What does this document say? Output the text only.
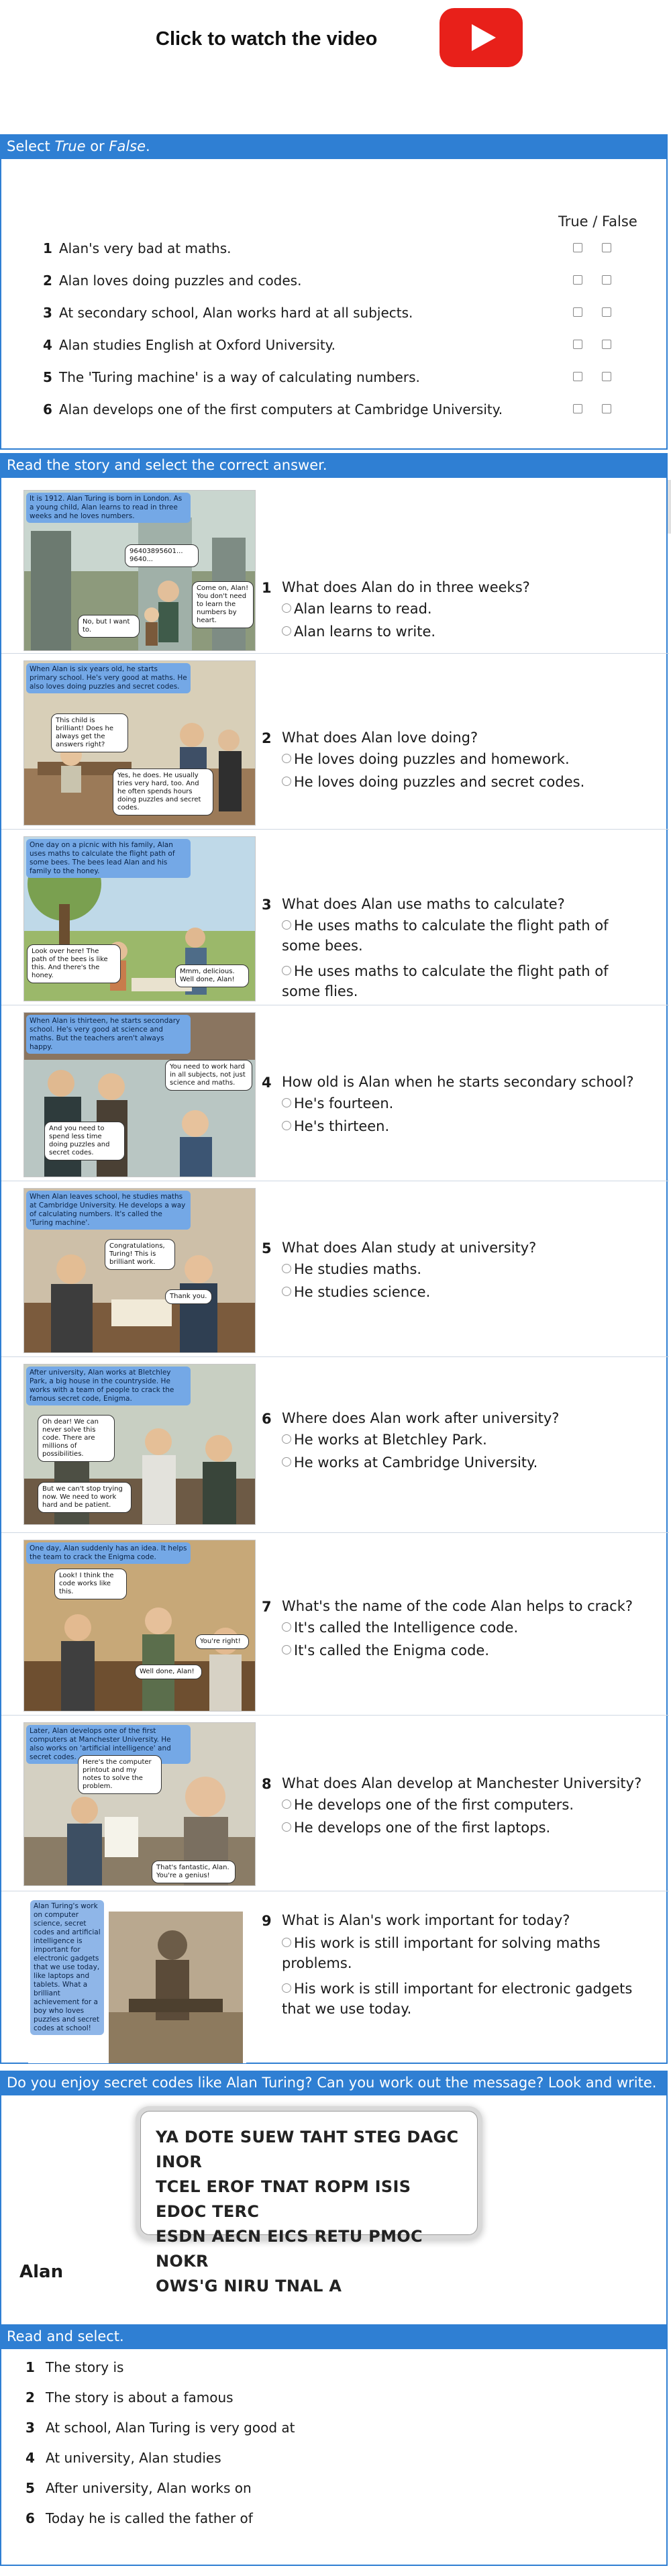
Click to watch the video
Select True or False.
True / False
1 Alan's very bad at maths.
2 Alan loves doing puzzles and codes.
3 At secondary school, Alan works hard at all subjects.
4 Alan studies English at Oxford University.
5 The 'Turing machine' is a way of calculating numbers.
6 Alan develops one of the first computers at Cambridge University.
Read the story and select the correct answer.
It is 1912. Alan Turing is born in London. As a young child, Alan learns to read in three weeks and he loves numbers.
96403895601... 9640...
Come on, Alan! You don't need to learn the numbers by heart.
No, but I want to.
1 What does Alan do in three weeks?
Alan learns to read.
Alan learns to write.
When Alan is six years old, he starts primary school. He's very good at maths. He also loves doing puzzles and secret codes.
This child is brilliant! Does he always get the answers right?
Yes, he does. He usually tries very hard, too. And he often spends hours doing puzzles and secret codes.
2 What does Alan love doing?
He loves doing puzzles and homework.
He loves doing puzzles and secret codes.
One day on a picnic with his family, Alan uses maths to calculate the flight path of some bees. The bees lead Alan and his family to the honey.
Look over here! The path of the bees is like this. And there's the honey.
Mmm, delicious. Well done, Alan!
3 What does Alan use maths to calculate?
He uses maths to calculate the flight path of some bees.
He uses maths to calculate the flight path of some flies.
When Alan is thirteen, he starts secondary school. He's very good at science and maths. But the teachers aren't always happy.
You need to work hard in all subjects, not just science and maths.
And you need to spend less time doing puzzles and secret codes.
4 How old is Alan when he starts secondary school?
He's fourteen.
He's thirteen.
When Alan leaves school, he studies maths at Cambridge University. He develops a way of calculating numbers. It's called the 'Turing machine'.
Congratulations, Turing! This is brilliant work.
Thank you.
5 What does Alan study at university?
He studies maths.
He studies science.
After university, Alan works at Bletchley Park, a big house in the countryside. He works with a team of people to crack the famous secret code, Enigma.
Oh dear! We can never solve this code. There are millions of possibilities.
But we can't stop trying now. We need to work hard and be patient.
6 Where does Alan work after university?
He works at Bletchley Park.
He works at Cambridge University.
One day, Alan suddenly has an idea. It helps the team to crack the Enigma code.
Look! I think the code works like this.
You're right!
Well done, Alan!
7 What's the name of the code Alan helps to crack?
It's called the Intelligence code.
It's called the Enigma code.
Later, Alan develops one of the first computers at Manchester University. He also works on 'artificial intelligence' and secret codes.
Here's the computer printout and my notes to solve the problem.
That's fantastic, Alan. You're a genius!
8 What does Alan develop at Manchester University?
He develops one of the first computers.
He develops one of the first laptops.
Alan Turing's work on computer science, secret codes and artificial intelligence is important for electronic gadgets that we use today, like laptops and tablets. What a brilliant achievement for a boy who loves puzzles and secret codes at school!
9 What is Alan's work important for today?
His work is still important for solving maths problems.
His work is still important for electronic gadgets that we use today.
Do you enjoy secret codes like Alan Turing? Can you work out the message? Look and write.
YA DOTE SUEW TAHT STEG DAGC INOR
TCEL EROF TNAT ROPM ISIS EDOC TERC
ESDN AECN EICS RETU PMOC NOKR
OWS'G NIRU TNAL A
Alan
Read and select.
1 The story is
2 The story is about a famous
3 At school, Alan Turing is very good at
4 At university, Alan studies
5 After university, Alan works on
6 Today he is called the father of
